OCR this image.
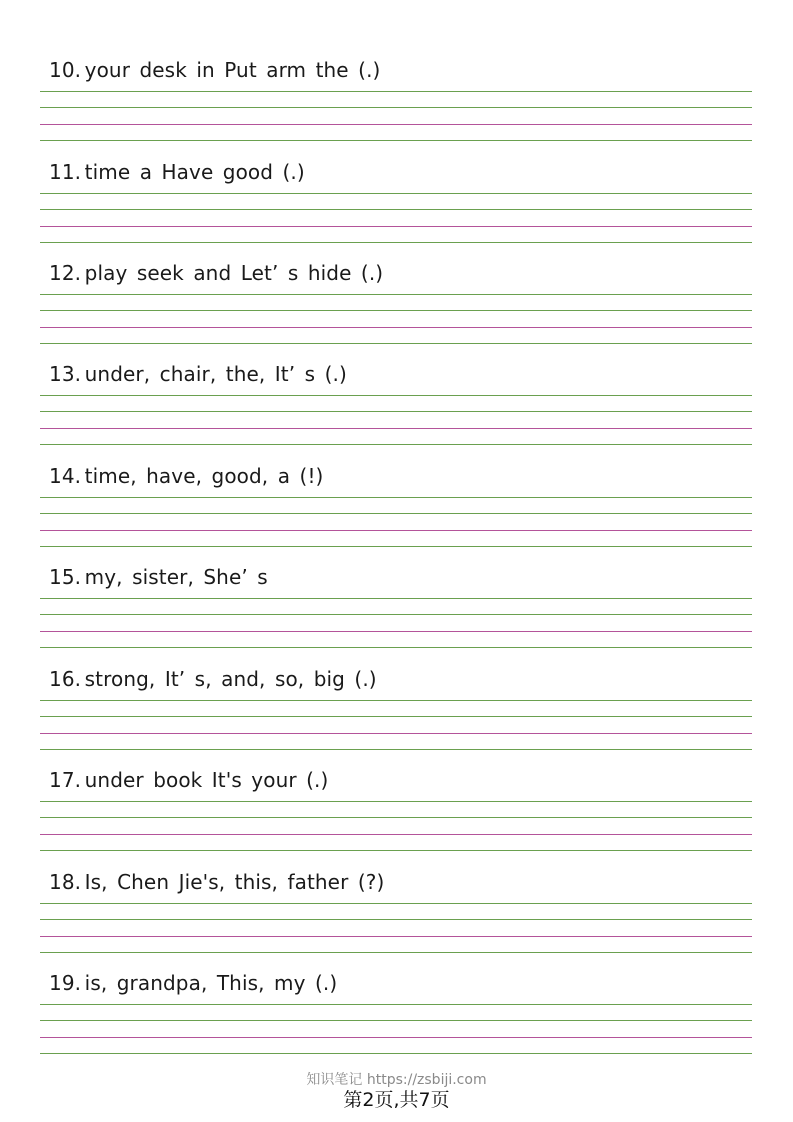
10. your desk in Put arm the (.)
11. time a Have good (.)
12. play seek and Let’ s hide (.)
13. under, chair, the, It’ s (.)
14. time, have, good, a (!)
15. my, sister, She’ s
16. strong, It’ s, and, so, big (.)
17. under book It's your (.)
18. Is, Chen Jie's, this, father (?)
19. is, grandpa, This, my (.)
知识笔记 https://zsbiji.com
第2页,共7页
